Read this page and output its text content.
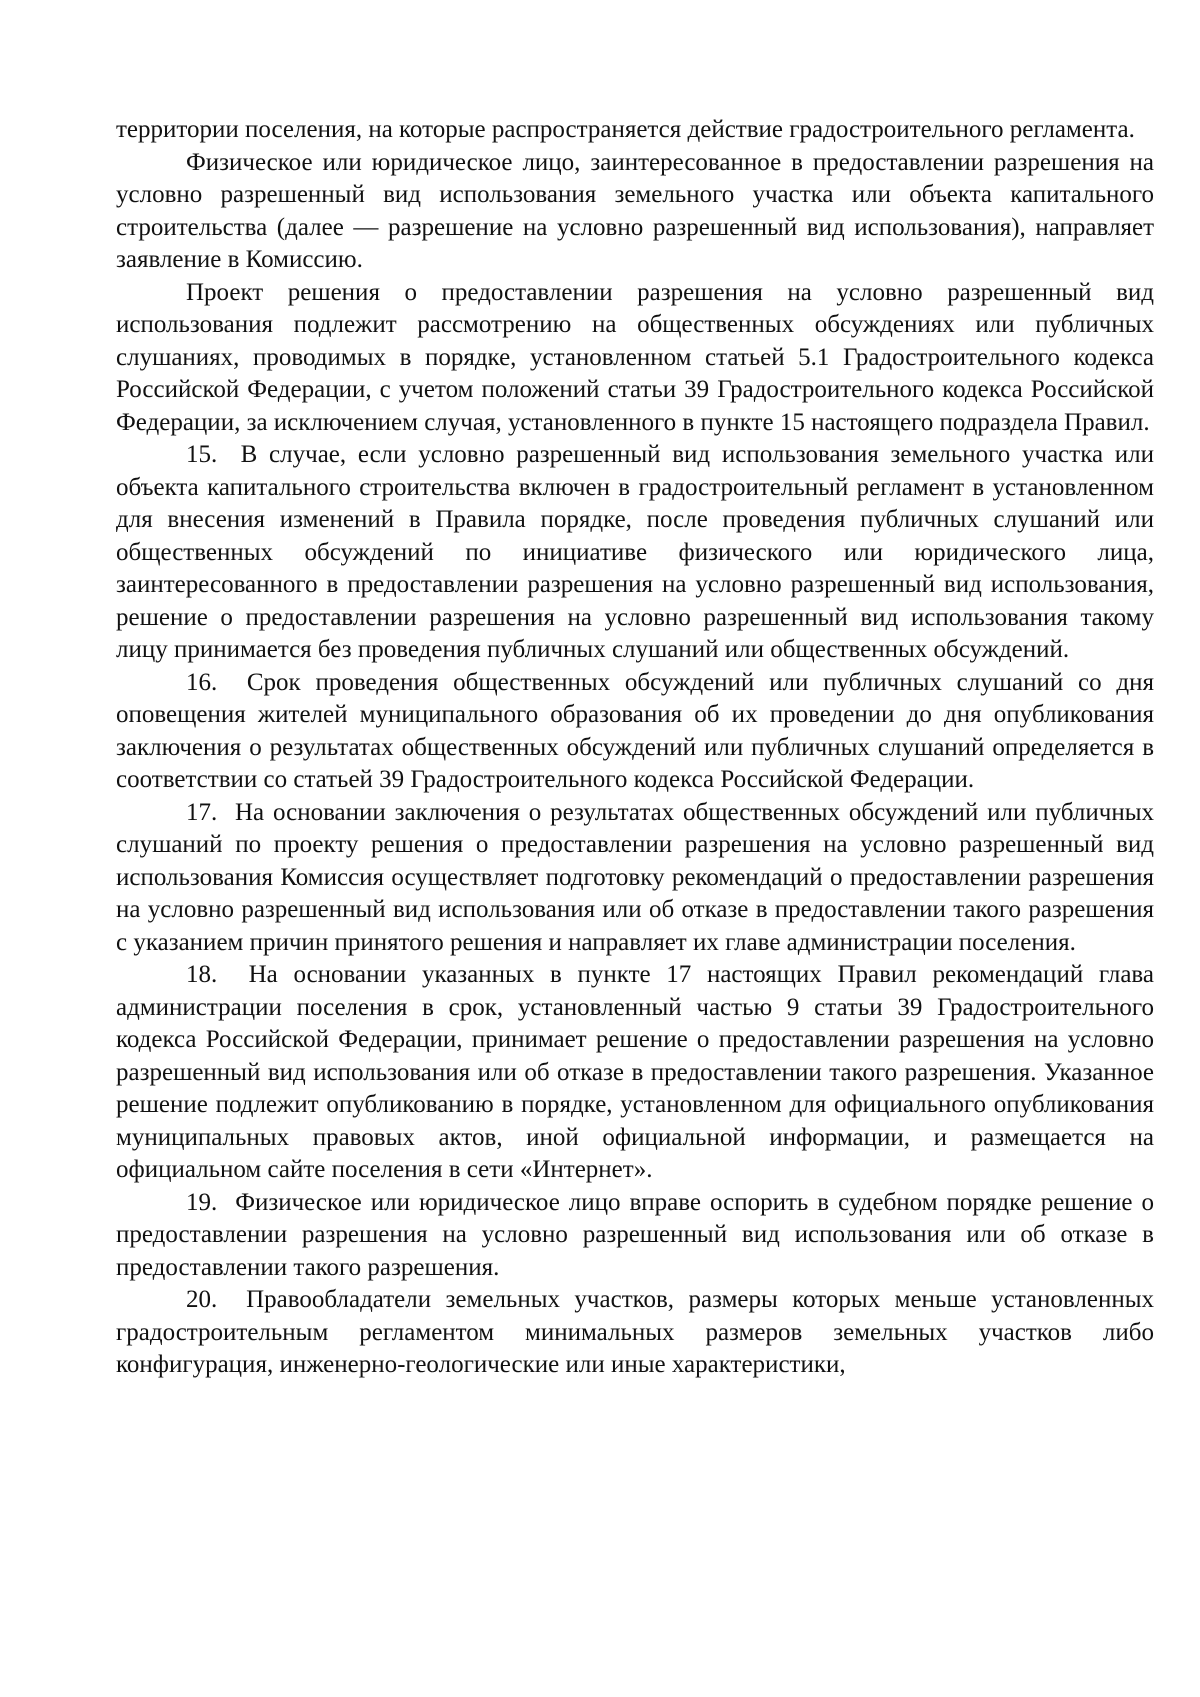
территории поселения, на которые распространяется действие градостроительного регламента.

Физическое или юридическое лицо, заинтересованное в предоставлении разрешения на условно разрешенный вид использования земельного участка или объекта капитального строительства (далее — разрешение на условно разрешенный вид использования), направляет заявление в Комиссию.

Проект решения о предоставлении разрешения на условно разрешенный вид использования подлежит рассмотрению на общественных обсуждениях или публичных слушаниях, проводимых в порядке, установленном статьей 5.1 Градостроительного кодекса Российской Федерации, с учетом положений статьи 39 Градостроительного кодекса Российской Федерации, за исключением случая, установленного в пункте 15 настоящего подраздела Правил.

15. В случае, если условно разрешенный вид использования земельного участка или объекта капитального строительства включен в градостроительный регламент в установленном для внесения изменений в Правила порядке, после проведения публичных слушаний или общественных обсуждений по инициативе физического или юридического лица, заинтересованного в предоставлении разрешения на условно разрешенный вид использования, решение о предоставлении разрешения на условно разрешенный вид использования такому лицу принимается без проведения публичных слушаний или общественных обсуждений.

16. Срок проведения общественных обсуждений или публичных слушаний со дня оповещения жителей муниципального образования об их проведении до дня опубликования заключения о результатах общественных обсуждений или публичных слушаний определяется в соответствии со статьей 39 Градостроительного кодекса Российской Федерации.

17. На основании заключения о результатах общественных обсуждений или публичных слушаний по проекту решения о предоставлении разрешения на условно разрешенный вид использования Комиссия осуществляет подготовку рекомендаций о предоставлении разрешения на условно разрешенный вид использования или об отказе в предоставлении такого разрешения с указанием причин принятого решения и направляет их главе администрации поселения.

18. На основании указанных в пункте 17 настоящих Правил рекомендаций глава администрации поселения в срок, установленный частью 9 статьи 39 Градостроительного кодекса Российской Федерации, принимает решение о предоставлении разрешения на условно разрешенный вид использования или об отказе в предоставлении такого разрешения. Указанное решение подлежит опубликованию в порядке, установленном для официального опубликования муниципальных правовых актов, иной официальной информации, и размещается на официальном сайте поселения в сети «Интернет».

19. Физическое или юридическое лицо вправе оспорить в судебном порядке решение о предоставлении разрешения на условно разрешенный вид использования или об отказе в предоставлении такого разрешения.

20. Правообладатели земельных участков, размеры которых меньше установленных градостроительным регламентом минимальных размеров земельных участков либо конфигурация, инженерно-геологические или иные характеристики,
